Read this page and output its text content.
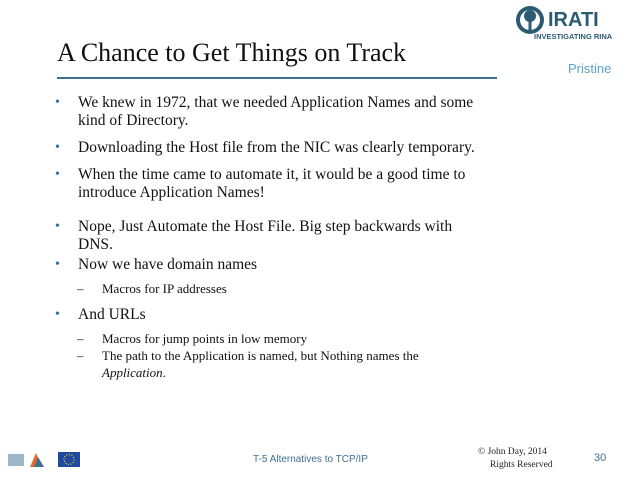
A Chance to Get Things on Track
IRATI
INVESTIGATING RINA
Pristine
• We knew in 1972, that we needed Application Names and some
kind of Directory.
• Downloading the Host file from the NIC was clearly temporary.
• When the time came to automate it, it would be a good time to
introduce Application Names!
• Nope, Just Automate the Host File. Big step backwards with
DNS.
• Now we have domain names
– Macros for IP addresses
• And URLs
– Macros for jump points in low memory
– The path to the Application is named, but Nothing names the
Application.
T-5 Alternatives to TCP/IP
© John Day, 2014
Rights Reserved
30
